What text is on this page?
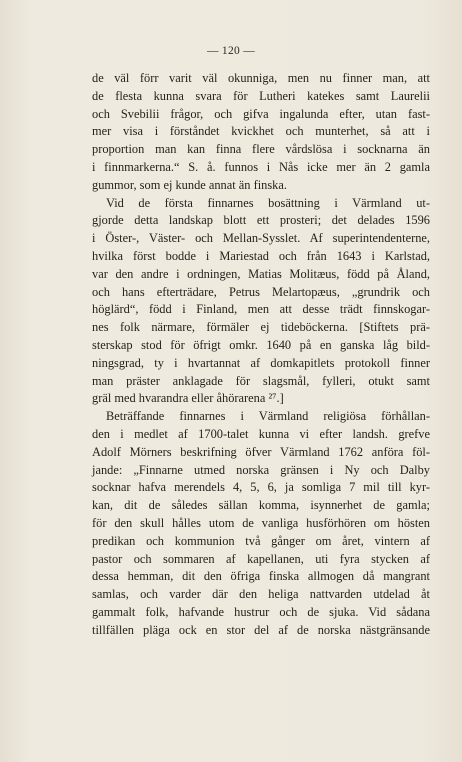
— 120 —
de väl förr varit väl okunniga, men nu finner man, att
de flesta kunna svara för Lutheri katekes samt Laurelii
och Svebilii frågor, och gifva ingalunda efter, utan fast-
mer visa i förståndet kvickhet och munterhet, så att i
proportion man kan finna flere vårdslösa i socknarna än
i finnmarkerna.“ S. å. funnos i Nås icke mer än 2 gamla
gummor, som ej kunde annat än finska.
Vid de första finnarnes bosättning i Värmland ut-
gjorde detta landskap blott ett prosteri; det delades 1596
i Öster-, Väster- och Mellan-Sysslet. Af superintendenterne,
hvilka först bodde i Mariestad och från 1643 i Karlstad,
var den andre i ordningen, Matias Molitæus, född på Åland,
och hans efterträdare, Petrus Melartopæus, „grundrik och
höglärd“, född i Finland, men att desse trädt finnskogar-
nes folk närmare, förmäler ej tideböckerna. [Stiftets prä-
sterskap stod för öfrigt omkr. 1640 på en ganska låg bild-
ningsgrad, ty i hvartannat af domkapitlets protokoll finner
man präster anklagade för slagsmål, fylleri, otukt samt
gräl med hvarandra eller åhörarena ²⁷.]
Beträffande finnarnes i Värmland religiösa förhållan-
den i medlet af 1700-talet kunna vi efter landsh. grefve
Adolf Mörners beskrifning öfver Värmland 1762 anföra föl-
jande: „Finnarne utmed norska gränsen i Ny och Dalby
socknar hafva merendels 4, 5, 6, ja somliga 7 mil till kyr-
kan, dit de således sällan komma, isynnerhet de gamla;
för den skull hålles utom de vanliga husförhören om hösten
predikan och kommunion två gånger om året, vintern af
pastor och sommaren af kapellanen, uti fyra stycken af
dessa hemman, dit den öfriga finska allmogen då mangrant
samlas, och varder där den heliga nattvarden utdelad åt
gammalt folk, hafvande hustrur och de sjuka. Vid sådana
tillfällen pläga ock en stor del af de norska nästgränsande
